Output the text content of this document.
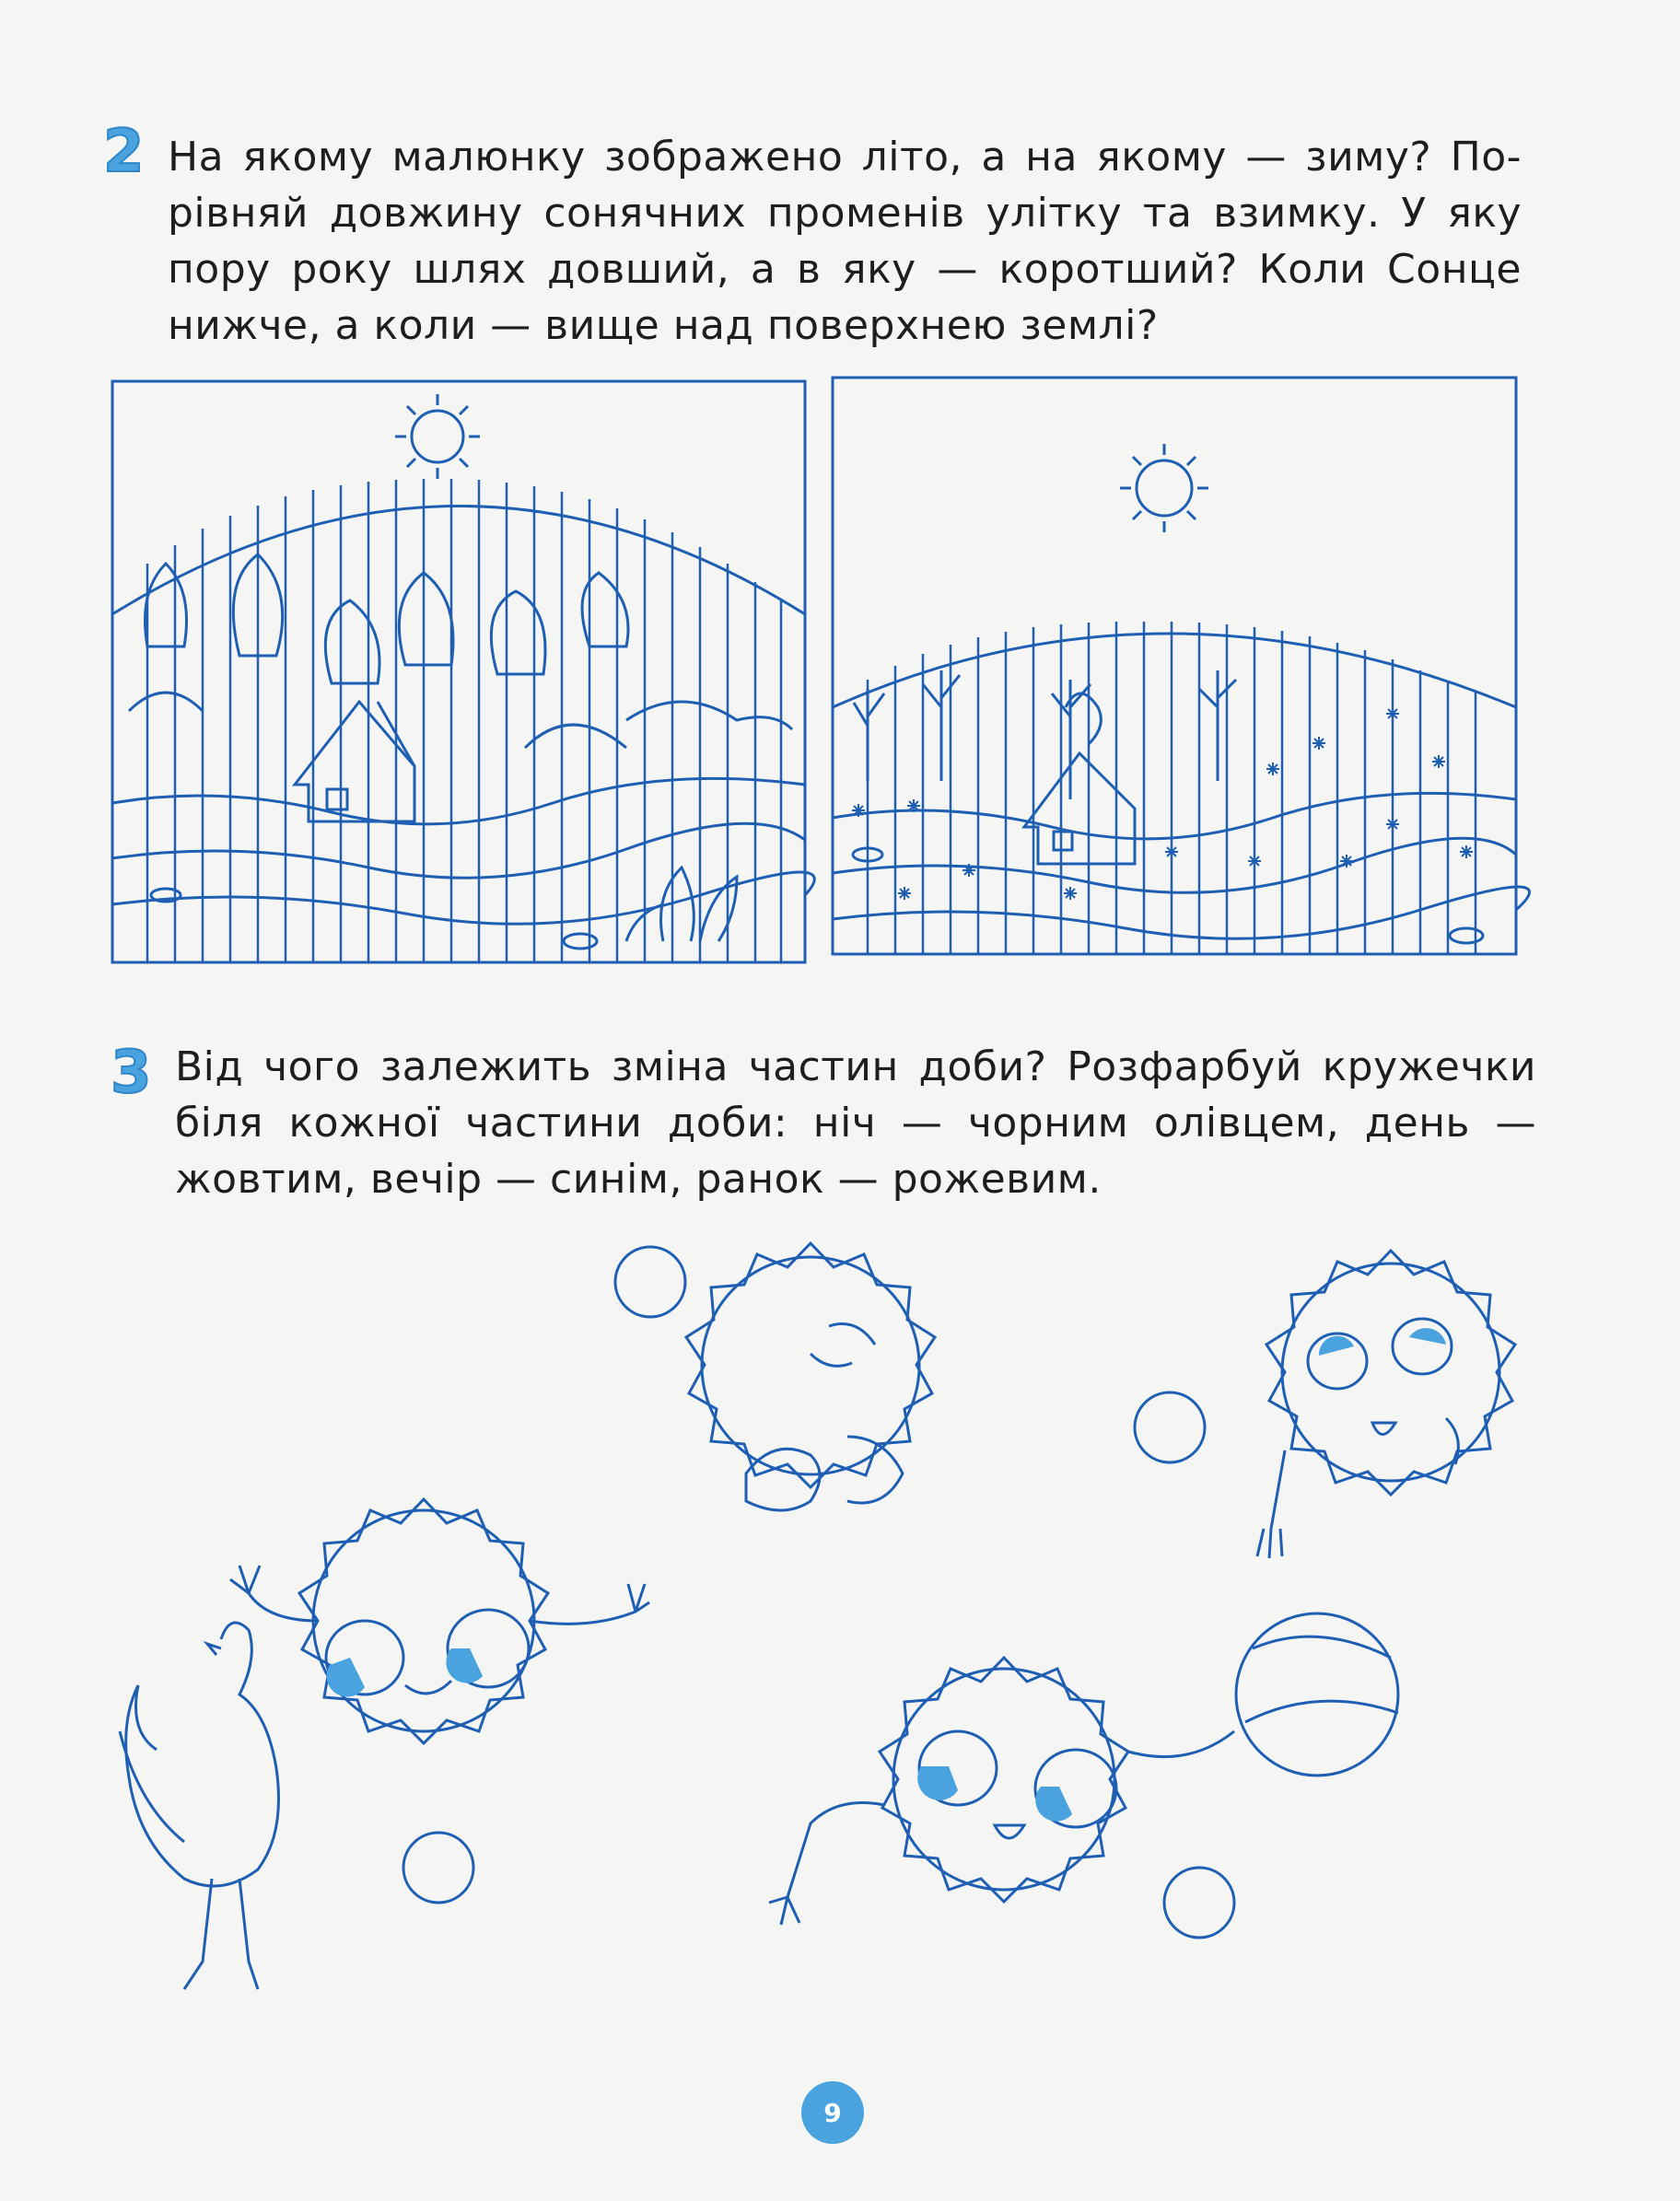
2 На якому малюнку зображено літо, а на якому — зиму? По-
рівняй довжину сонячних променів улітку та взимку. У яку
пору року шлях довший, а в яку — коротший? Коли Сонце
нижче, а коли — вище над поверхнею землі?
3 Від чого залежить зміна частин доби? Розфарбуй кружечки
біля кожної частини доби: ніч — чорним олівцем, день —
жовтим, вечір — синім, ранок — рожевим.
9
